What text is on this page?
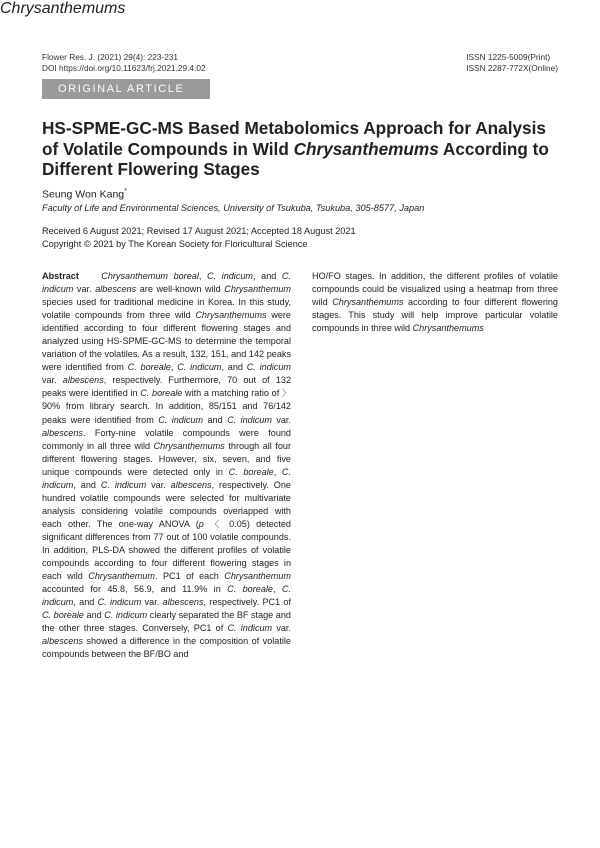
Flower Res. J. (2021) 29(4): 223-231
DOI https://doi.org/10.11623/frj.2021.29.4.02
ISSN 1225-5009(Print)
ISSN 2287-772X(Online)
ORIGINAL ARTICLE
HS-SPME-GC-MS Based Metabolomics Approach for Analysis
of Volatile Compounds in Wild Chrysanthemums According to
Different Flowering Stages
Seung Won Kang*
Faculty of Life and Environmental Sciences, University of Tsukuba, Tsukuba, 305-8577, Japan
Received 6 August 2021; Revised 17 August 2021; Accepted 18 August 2021
Copyright © 2021 by The Korean Society for Floricultural Science
Abstract Chrysanthemum boreal, C. indicum, and C. indicum var. albescens are well-known wild Chrysanthemum species used for traditional medicine in Korea. In this study, volatile compounds from three wild Chrysanthemums were identified according to four different flowering stages and analyzed using HS-SPME-GC-MS to determine the temporal variation of the volatiles. As a result, 132, 151, and 142 peaks were identified from C. boreale, C. indicum, and C. indicum var. albescens, respectively. Furthermore, 70 out of 132 peaks were identified in C. boreale with a matching ratio of 〉90% from library search. In addition, 85/151 and 76/142 peaks were identified from C. indicum and C. indicum var. albescens. Forty-nine volatile compounds were found commonly in all three wild Chrysanthemums through all four different flowering stages. However, six, seven, and five unique compounds were detected only in C. boreale, C. indicum, and C. indicum var. albescens, respectively. One hundred volatile compounds were selected for multivariate analysis considering volatile compounds overlapped with each other. The one-way ANOVA (p 〈 0.05) detected significant differences from 77 out of 100 volatile compounds. In addition, PLS-DA showed the different profiles of volatile compounds according to four different flowering stages in each wild Chrysanthemum. PC1 of each Chrysanthemum accounted for 45.8, 56.9, and 11.9% in C. boreale, C. indicum, and C. indicum var. albescens, respectively. PC1 of C. boreale and C. indicum clearly separated the BF stage and the other three stages. Conversely, PC1 of C. indicum var. albescens showed a difference in the composition of volatile compounds between the BF/BO and
HO/FO stages. In addition, the different profiles of volatile compounds could be visualized using a heatmap from three wild Chrysanthemums according to four different flowering stages. This study will help improve particular volatile compounds in three wild Chrysanthemums
Chrysanthemums
